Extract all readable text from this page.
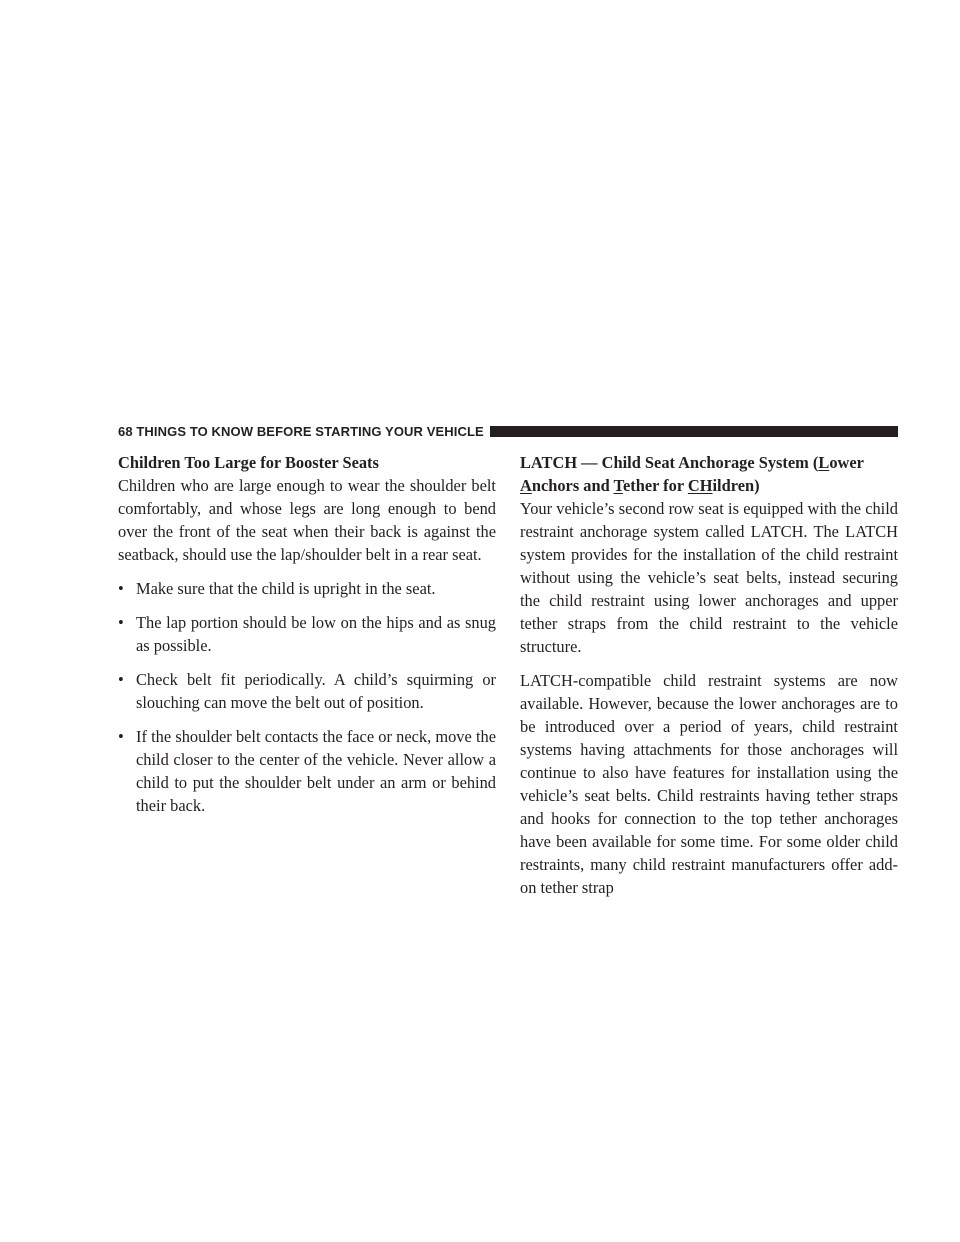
68 THINGS TO KNOW BEFORE STARTING YOUR VEHICLE
Children Too Large for Booster Seats

Children who are large enough to wear the shoulder belt comfortably, and whose legs are long enough to bend over the front of the seat when their back is against the seatback, should use the lap/shoulder belt in a rear seat.

• Make sure that the child is upright in the seat.
• The lap portion should be low on the hips and as snug as possible.
• Check belt fit periodically. A child’s squirming or slouching can move the belt out of position.
• If the shoulder belt contacts the face or neck, move the child closer to the center of the vehicle. Never allow a child to put the shoulder belt under an arm or behind their back.
LATCH — Child Seat Anchorage System (Lower Anchors and Tether for CHildren)

Your vehicle’s second row seat is equipped with the child restraint anchorage system called LATCH. The LATCH system provides for the installation of the child restraint without using the vehicle’s seat belts, instead securing the child restraint using lower anchorages and upper tether straps from the child restraint to the vehicle structure.

LATCH-compatible child restraint systems are now available. However, because the lower anchorages are to be introduced over a period of years, child restraint systems having attachments for those anchorages will continue to also have features for installation using the vehicle’s seat belts. Child restraints having tether straps and hooks for connection to the top tether anchorages have been available for some time. For some older child restraints, many child restraint manufacturers offer add-on tether strap
